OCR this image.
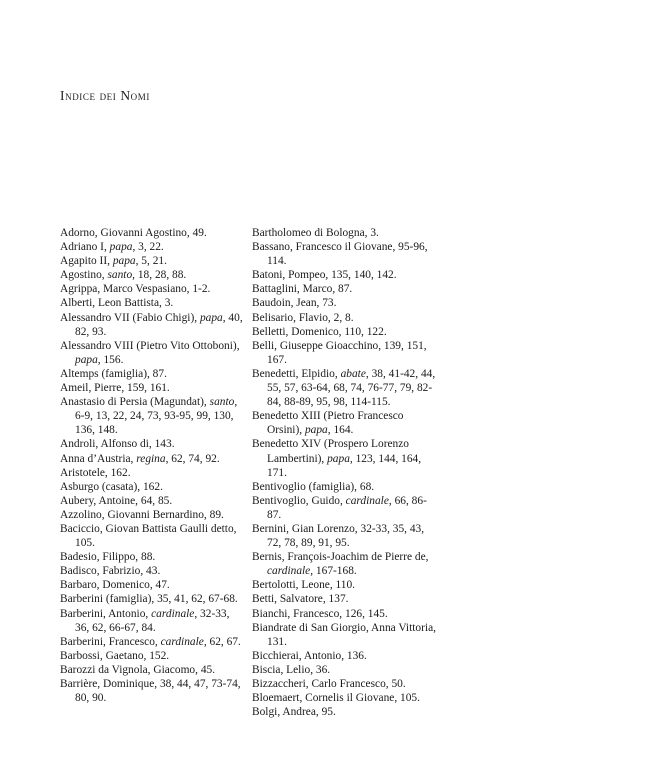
Indice dei Nomi
Adorno, Giovanni Agostino, 49.
Adriano I, papa, 3, 22.
Agapito II, papa, 5, 21.
Agostino, santo, 18, 28, 88.
Agrippa, Marco Vespasiano, 1-2.
Alberti, Leon Battista, 3.
Alessandro VII (Fabio Chigi), papa, 40, 82, 93.
Alessandro VIII (Pietro Vito Ottoboni), papa, 156.
Altemps (famiglia), 87.
Ameil, Pierre, 159, 161.
Anastasio di Persia (Magundat), santo, 6-9, 13, 22, 24, 73, 93-95, 99, 130, 136, 148.
Androli, Alfonso di, 143.
Anna d’Austria, regina, 62, 74, 92.
Aristotele, 162.
Asburgo (casata), 162.
Aubery, Antoine, 64, 85.
Azzolino, Giovanni Bernardino, 89.
Baciccio, Giovan Battista Gaulli detto, 105.
Badesio, Filippo, 88.
Badisco, Fabrizio, 43.
Barbaro, Domenico, 47.
Barberini (famiglia), 35, 41, 62, 67-68.
Barberini, Antonio, cardinale, 32-33, 36, 62, 66-67, 84.
Barberini, Francesco, cardinale, 62, 67.
Barbossi, Gaetano, 152.
Barozzi da Vignola, Giacomo, 45.
Barrière, Dominique, 38, 44, 47, 73-74, 80, 90.
Bartholomeo di Bologna, 3.
Bassano, Francesco il Giovane, 95-96, 114.
Batoni, Pompeo, 135, 140, 142.
Battaglini, Marco, 87.
Baudoin, Jean, 73.
Belisario, Flavio, 2, 8.
Belletti, Domenico, 110, 122.
Belli, Giuseppe Gioacchino, 139, 151, 167.
Benedetti, Elpidio, abate, 38, 41-42, 44, 55, 57, 63-64, 68, 74, 76-77, 79, 82-84, 88-89, 95, 98, 114-115.
Benedetto XIII (Pietro Francesco Orsini), papa, 164.
Benedetto XIV (Prospero Lorenzo Lambertini), papa, 123, 144, 164, 171.
Bentivoglio (famiglia), 68.
Bentivoglio, Guido, cardinale, 66, 86-87.
Bernini, Gian Lorenzo, 32-33, 35, 43, 72, 78, 89, 91, 95.
Bernis, François-Joachim de Pierre de, cardinale, 167-168.
Bertolotti, Leone, 110.
Betti, Salvatore, 137.
Bianchi, Francesco, 126, 145.
Biandrate di San Giorgio, Anna Vittoria, 131.
Bicchierai, Antonio, 136.
Biscia, Lelio, 36.
Bizzaccheri, Carlo Francesco, 50.
Bloemaert, Cornelis il Giovane, 105.
Bolgi, Andrea, 95.
